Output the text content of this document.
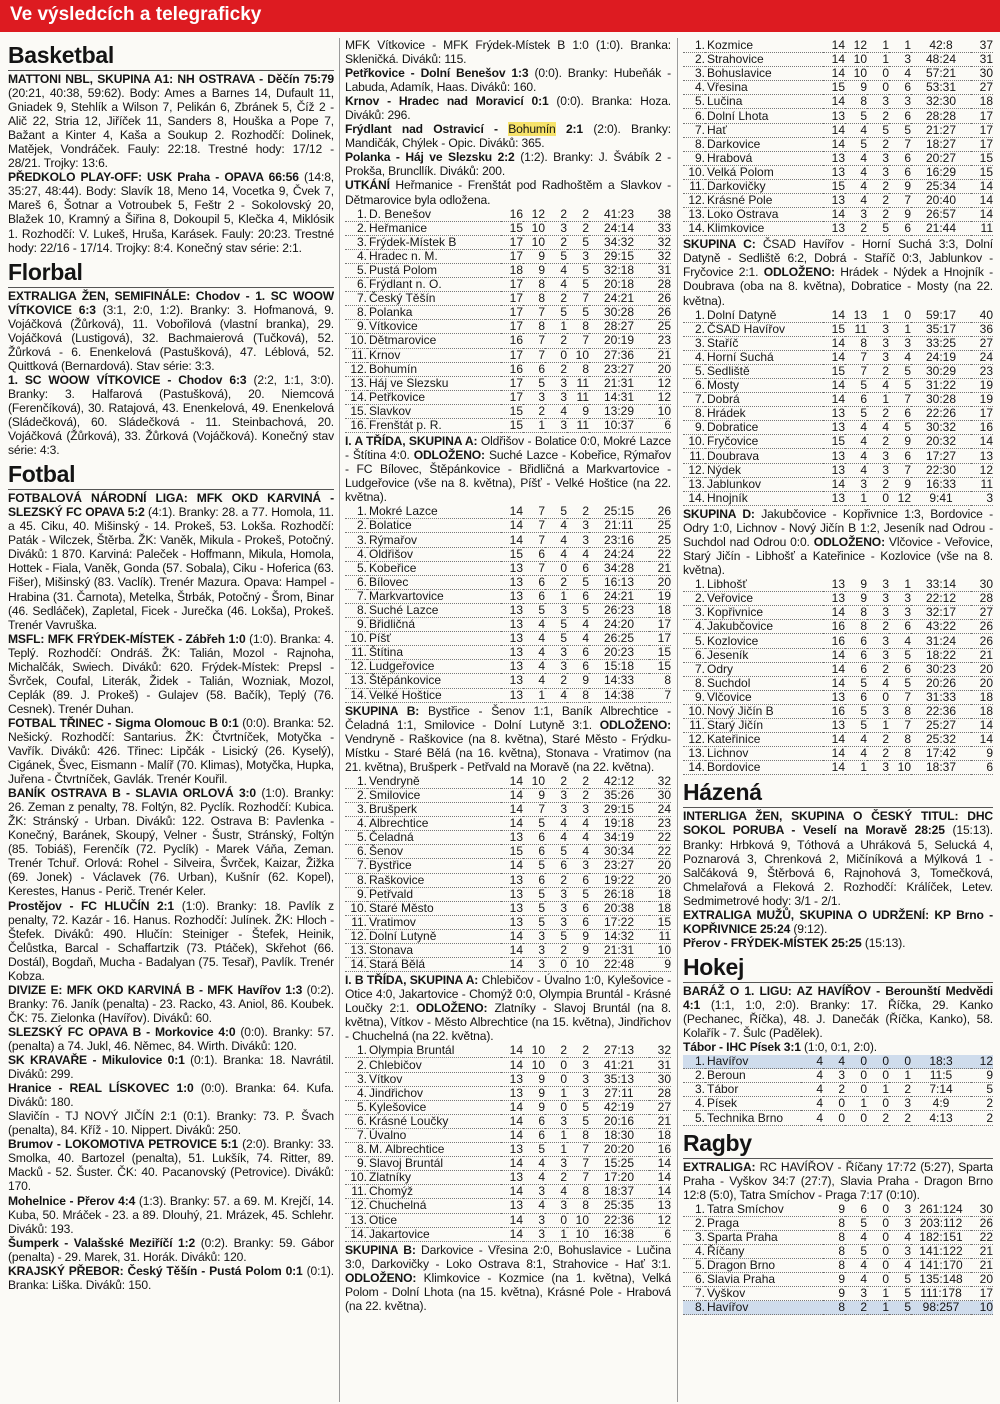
Ve výsledcích a telegraficky
Basketbal

MATTONI NBL, SKUPINA A1: NH OSTRAVA - Děčín 75:79 (20:21, 40:38, 59:62). Body: Ames a Barnes 14, Dufault 11, Gniadek 9, Stehlík a Wilson 7, Pelikán 6, Zbránek 5, Číž 2 - Alič 22, Stria 12, Jiříček 11, Sanders 8, Houška a Pope 7, Bažant a Kinter 4, Kaša a Soukup 2. Rozhodčí: Dolinek, Matějek, Vondráček. Fauly: 22:18. Trestné hody: 17/12 - 28/21. Trojky: 13:6.

PŘEDKOLO PLAY-OFF: USK Praha - OPAVA 66:56 (14:8, 35:27, 48:44). Body: Slavík 18, Meno 14, Vocetka 9, Čvek 7, Mareš 6, Šotnar a Votroubek 5, Feštr 2 - Sokolovský 20, Blažek 10, Kramný a Šiřina 8, Dokoupil 5, Klečka 4, Miklósik 1. Rozhodčí: V. Lukeš, Hruša, Karásek. Fauly: 20:23. Trestné hody: 22/16 - 17/14. Trojky: 8:4. Konečný stav série: 2:1.

Florbal

EXTRALIGA ŽEN, SEMIFINÁLE: Chodov - 1. SC WOOW VÍTKOVICE 6:3 (3:1, 2:0, 1:2). Branky: 3. Hofmanová, 9. Vojáčková (Žůrková), 11. Vobořilová (vlastní branka), 29. Vojáčková (Lustigová), 32. Bachmaierová (Tučková), 52. Žůrková - 6. Enenkelová (Pastušková), 47. Léblová, 52. Quittková (Bernardová). Stav série: 3:3.

1. SC WOOW VÍTKOVICE - Chodov 6:3 (2:2, 1:1, 3:0). Branky: 3. Halfarová (Pastušková), 20. Niemcová (Ferenčíková), 30. Ratajová, 43. Enenkelová, 49. Enenkelová (Sládečková), 60. Sládečková - 11. Steinbachová, 20. Vojáčková (Žůrková), 33. Žůrková (Vojáčková). Konečný stav série: 4:3.

Fotbal

FOTBALOVÁ NÁRODNÍ LIGA: MFK OKD KARVINÁ - SLEZSKÝ FC OPAVA 5:2 (4:1). Branky: 28. a 77. Homola, 11. a 45. Ciku, 40. Mišinský - 14. Prokeš, 53. Lokša. Rozhodčí: Paták - Wilczek, Štěrba. ŽK: Vaněk, Mikula - Prokeš, Potočný. Diváků: 1 870. Karviná: Paleček - Hoffmann, Mikula, Homola, Hottek - Fiala, Vaněk, Gonda (57. Sobala), Ciku - Hoferica (63. Fišer), Mišinský (83. Vaclík). Trenér Mazura. Opava: Hampel - Hrabina (31. Čarnota), Metelka, Štrbák, Potočný - Šrom, Binar (46. Sedláček), Zapletal, Ficek - Jurečka (46. Lokša), Prokeš. Trenér Vavruška.

MSFL: MFK FRÝDEK-MÍSTEK - Zábřeh 1:0 (1:0). Branka: 4. Teplý. Rozhodčí: Ondráš. ŽK: Talián, Mozol - Rajnoha, Michalčák, Swiech. Diváků: 620. Frýdek-Místek: Prepsl - Švrček, Coufal, Literák, Židek - Talián, Wozniak, Mozol, Ceplák (89. J. Prokeš) - Gulajev (58. Bačík), Teplý (76. Cesnek). Trenér Duhan.

FOTBAL TŘINEC - Sigma Olomouc B 0:1 (0:0). Branka: 52. Nešický. Rozhodčí: Santarius. ŽK: Čtvrtníček, Motyčka - Vavřík. Diváků: 426. Třinec: Lipčák - Lisický (26. Kyselý), Cigánek, Švec, Eismann - Malíř (70. Klimas), Motyčka, Hupka, Juřena - Čtvrtníček, Gavlák. Trenér Kouřil.

BANÍK OSTRAVA B - SLAVIA ORLOVÁ 3:0 (1:0). Branky: 26. Zeman z penalty, 78. Foltýn, 82. Pyclík. Rozhodčí: Kubica. ŽK: Stránský - Urban. Diváků: 122. Ostrava B: Pavlenka - Konečný, Baránek, Skoupý, Velner - Šustr, Stránský, Foltýn (85. Tobiáš), Ferenčík (72. Pyclík) - Marek Váňa, Zeman. Trenér Tchuř. Orlová: Rohel - Silveira, Švrček, Kaizar, Žižka (69. Jonek) - Václavek (76. Urban), Kušnír (62. Kopel), Kerestes, Hanus - Perič. Trenér Keler.

Prostějov - FC HLUČÍN 2:1 (1:0). Branky: 18. Pavlík z penalty, 72. Kazár - 16. Hanus. Rozhodčí: Julínek. ŽK: Hloch - Štefek. Diváků: 490. Hlučín: Steiniger - Štefek, Heinik, Čelůstka, Barcal - Schaffartzik (73. Ptáček), Skřehot (66. Dostál), Bogdaň, Mucha - Badalyan (75. Tesař), Pavlík. Trenér Kobza.

DIVIZE E: MFK OKD KARVINÁ B - MFK Havířov 1:3 (0:2). Branky: 76. Janík (penalta) - 23. Racko, 43. Aniol, 86. Koubek. ČK: 75. Zielonka (Havířov). Diváků: 60.

SLEZSKÝ FC OPAVA B - Morkovice 4:0 (0:0). Branky: 57. (penalta) a 74. Jukl, 46. Němec, 84. Wirth. Diváků: 120.

SK KRAVAŘE - Mikulovice 0:1 (0:1). Branka: 18. Navrátil. Diváků: 299.

Hranice - REAL LÍSKOVEC 1:0 (0:0). Branka: 64. Kufa. Diváků: 180.

Slavičín - TJ NOVÝ JIČÍN 2:1 (0:1). Branky: 73. P. Švach (penalta), 84. Kříž - 10. Nippert. Diváků: 250.

Brumov - LOKOMOTIVA PETROVICE 5:1 (2:0). Branky: 33. Smolka, 40. Bartozel (penalta), 51. Lukšík, 74. Ritter, 89. Macků - 52. Šuster. ČK: 40. Pacanovský (Petrovice). Diváků: 170.

Mohelnice - Přerov 4:4 (1:3). Branky: 57. a 69. M. Krejčí, 14. Kuba, 50. Mráček - 23. a 89. Dlouhý, 21. Mrázek, 45. Schlehr. Diváků: 193.

Šumperk - Valašské Meziříčí 1:2 (0:2). Branky: 59. Gábor (penalta) - 29. Marek, 31. Horák. Diváků: 120.

KRAJSKÝ PŘEBOR: Český Těšín - Pustá Polom 0:1 (0:1). Branka: Liška. Diváků: 150.

MFK Vítkovice - MFK Frýdek-Místek B 1:0 (1:0). Branka: Skleničká. Diváků: 115.

Petřkovice - Dolní Benešov 1:3 (0:0). Branky: Hubeňák - Labuda, Adamík, Haas. Diváků: 160.

Krnov - Hradec nad Moravicí 0:1 (0:0). Branka: Hoza. Diváků: 296.

Frýdlant nad Ostravicí - Bohumín 2:1 (2:0). Branky: Mandičák, Chýlek - Opic. Diváků: 365.

Polanka - Háj ve Slezsku 2:2 (1:2). Branky: J. Švábík 2 - Prokša, Bruncllík. Diváků: 200.

UTKÁNÍ Heřmanice - Frenštát pod Radhoštěm a Slavkov - Dětmarovice byla odložena.

1.	D. Benešov	16	12	2	2	41:23	38
2.	Heřmanice	15	10	3	2	24:14	33
3.	Frýdek-Místek B	17	10	2	5	34:32	32
4.	Hradec n. M.	17	9	5	3	29:15	32
5.	Pustá Polom	18	9	4	5	32:18	31
6.	Frýdlant n. O.	17	8	4	5	20:18	28
7.	Český Těšín	17	8	2	7	24:21	26
8.	Polanka	17	7	5	5	30:28	26
9.	Vítkovice	17	8	1	8	28:27	25
10.	Dětmarovice	16	7	2	7	20:19	23
11.	Krnov	17	7	0	10	27:36	21
12.	Bohumín	16	6	2	8	23:27	20
13.	Háj ve Slezsku	17	5	3	11	21:31	12
14.	Petřkovice	17	3	3	11	14:31	12
15.	Slavkov	15	2	4	9	13:29	10
16.	Frenštát p. R.	15	1	3	11	10:37	6

I. A TŘÍDA, SKUPINA A: Oldřišov - Bolatice 0:0, Mokré Lazce - Štítina 4:0. ODLOŽENO: Suché Lazce - Kobeřice, Rýmařov - FC Bílovec, Štěpánkovice - Břidličná a Markvartovice - Ludgeřovice (vše na 8. května), Píšť - Velké Hoštice (na 22. května).

1.	Mokré Lazce	14	7	5	2	25:15	26
2.	Bolatice	14	7	4	3	21:11	25
3.	Rýmařov	14	7	4	3	23:16	25
4.	Oldřišov	15	6	4	4	24:24	22
5.	Kobeřice	13	7	0	6	34:28	21
6.	Bílovec	13	6	2	5	16:13	20
7.	Markvartovice	13	6	1	6	24:21	19
8.	Suché Lazce	13	5	3	5	26:23	18
9.	Břidličná	13	4	5	4	24:20	17
10.	Píšť	13	4	5	4	26:25	17
11.	Štítina	13	4	3	6	20:23	15
12.	Ludgeřovice	13	4	3	6	15:18	15
13.	Štěpánkovice	13	4	2	9	14:33	8
14.	Velké Hoštice	13	1	4	8	14:38	7

SKUPINA B: Bystřice - Šenov 1:1, Baník Albrechtice - Čeladná 1:1, Smilovice - Dolní Lutyně 3:1. ODLOŽENO: Vendryně - Raškovice (na 8. května), Staré Město - Frýdku-Místku - Staré Bělá (na 16. května), Stonava - Vratimov (na 21. května), Brušperk - Petřvald na Moravě (na 22. května).

1.	Vendryně	14	10	2	2	42:12	32
2.	Smilovice	14	9	3	2	35:26	30
3.	Brušperk	14	7	3	3	29:15	24
4.	Albrechtice	14	5	4	4	19:18	23
5.	Čeladná	13	6	4	4	34:19	22
6.	Šenov	15	6	5	4	30:34	22
7.	Bystřice	14	5	6	3	23:27	20
8.	Raškovice	13	6	2	6	19:22	20
9.	Petřvald	13	5	3	5	26:18	18
10.	Staré Město	13	5	3	6	20:38	18
11.	Vratimov	13	5	3	6	17:22	15
12.	Dolní Lutyně	14	3	5	9	14:32	11
13.	Stonava	14	3	2	9	21:31	10
14.	Stará Bělá	14	3	0	10	22:48	9

I. B TŘÍDA, SKUPINA A: Chlebičov - Úvalno 1:0, Kylešovice - Otice 4:0, Jakartovice - Chomýž 0:0, Olympia Bruntál - Krásné Loučky 2:1. ODLOŽENO: Zlatníky - Slavoj Bruntál (na 8. května), Vítkov - Město Albrechtice (na 15. května), Jindřichov - Chuchelná (na 22. května).

1.	Olympia Bruntál	14	10	2	2	27:13	32
2.	Chlebičov	14	10	0	3	41:21	31
3.	Vítkov	13	9	0	3	35:13	30
4.	Jindřichov	13	9	1	3	27:11	28
5.	Kylešovice	14	9	0	5	42:19	27
6.	Krásné Loučky	14	6	3	5	20:16	21
7.	Úvalno	14	6	1	8	18:30	18
8.	M. Albrechtice	13	5	1	7	20:20	16
9.	Slavoj Bruntál	14	4	3	7	15:25	14
10.	Zlatníky	13	4	2	7	17:20	14
11.	Chomýž	14	3	4	8	18:37	14
12.	Chuchelná	13	4	3	8	25:35	13
13.	Otice	14	3	0	10	22:36	12
14.	Jakartovice	14	3	1	10	16:38	6

SKUPINA B: Darkovice - Vřesina 2:0, Bohuslavice - Lučina 3:0, Darkovičky - Loko Ostrava 8:1, Strahovice - Hať 3:1. ODLOŽENO: Klimkovice - Kozmice (na 1. května), Velká Polom - Dolní Lhota (na 15. května), Krásné Pole - Hrabová (na 22. května).

1.	Kozmice	14	12	1	1	42:8	37
2.	Strahovice	14	10	1	3	48:24	31
3.	Bohuslavice	14	10	0	4	57:21	30
4.	Vřesina	15	9	0	6	53:31	27
5.	Lučina	14	8	3	3	32:30	18
6.	Dolní Lhota	13	5	2	6	28:28	17
7.	Hať	14	4	5	5	21:27	17
8.	Darkovice	14	5	2	7	18:27	17
9.	Hrabová	13	4	3	6	20:27	15
10.	Velká Polom	13	4	3	6	16:29	15
11.	Darkovičky	15	4	2	9	25:34	14
12.	Krásné Pole	13	4	2	7	20:40	14
13.	Loko Ostrava	14	3	2	9	26:57	14
14.	Klimkovice	13	2	5	6	21:44	11

SKUPINA C: ČSAD Havířov - Horní Suchá 3:3, Dolní Datyně - Sedliště 6:2, Dobrá - Staříč 0:3, Jablunkov - Fryčovice 2:1. ODLOŽENO: Hrádek - Nýdek a Hnojník - Doubrava (oba na 8. května), Dobratice - Mosty (na 22. května).

1.	Dolní Datyně	14	13	1	0	59:17	40
2.	ČSAD Havířov	15	11	3	1	35:17	36
3.	Staříč	14	8	3	3	33:25	27
4.	Horní Suchá	14	7	3	4	24:19	24
5.	Sedliště	15	7	2	5	30:29	23
6.	Mosty	14	5	4	5	31:22	19
7.	Dobrá	14	6	1	7	30:28	19
8.	Hrádek	13	5	2	6	22:26	17
9.	Dobratice	13	4	4	5	30:32	16
10.	Fryčovice	15	4	2	9	20:32	14
11.	Doubrava	13	4	3	6	17:27	13
12.	Nýdek	13	4	3	7	22:30	12
13.	Jablunkov	14	3	2	9	16:33	11
14.	Hnojník	13	1	0	12	9:41	3

SKUPINA D: Jakubčovice - Kopřivnice 1:3, Bordovice - Odry 1:0, Lichnov - Nový Jičín B 1:2, Jeseník nad Odrou - Suchdol nad Odrou 0:0. ODLOŽENO: Vlčovice - Veřovice, Starý Jičín - Libhošť a Kateřinice - Kozlovice (vše na 8. května).

1.	Libhošť	13	9	3	1	33:14	30
2.	Veřovice	13	9	3	3	22:12	28
3.	Kopřivnice	14	8	3	3	32:17	27
4.	Jakubčovice	16	8	2	6	43:22	26
5.	Kozlovice	16	6	3	4	31:24	26
6.	Jeseník	14	6	3	5	18:22	21
7.	Odry	14	6	2	6	30:23	20
8.	Suchdol	14	5	4	5	20:26	20
9.	Vlčovice	13	6	0	7	31:33	18
10.	Nový Jičín B	16	5	3	8	22:36	18
11.	Starý Jičín	13	5	1	7	25:27	14
12.	Kateřinice	14	4	2	8	25:32	14
13.	Lichnov	14	4	2	8	17:42	9
14.	Bordovice	14	1	3	10	18:37	6
Házená

INTERLIGA ŽEN, SKUPINA O ČESKÝ TITUL: DHC SOKOL PORUBA - Veselí na Moravě 28:25 (15:13). Branky: Hrbková 9, Tóthová a Uhráková 5, Selucká 4, Poznarová 3, Chrenková 2, Mičíníková a Mýlková 1 - Salčáková 9, Štěrbová 6, Rajnohová 3, Tomečková, Chmelařová a Fleková 2. Rozhodčí: Králíček, Letev. Sedmimetrové hody: 3/1 - 2/1.

EXTRALIGA MUŽŮ, SKUPINA O UDRŽENÍ: KP Brno - KOPŘIVNICE 25:24 (9:12).

Přerov - FRÝDEK-MÍSTEK 25:25 (15:13).

Hokej

BARÁŽ O 1. LIGU: AZ HAVÍŘOV - Berounští Medvědi 4:1 (1:1, 1:0, 2:0). Branky: 17. Říčka, 29. Kanko (Pechanec, Říčka), 48. J. Danečák (Říčka, Kanko), 58. Kolařík - 7. Šulc (Padělek).

Tábor - IHC Písek 3:1 (1:0, 0:1, 2:0).

1.	Havířov	4	4	0	0	0	18:3	12
2.	Beroun	4	3	0	0	1	11:5	9
3.	Tábor	4	2	0	1	2	7:14	5
4.	Písek	4	0	1	0	3	4:9	2
5.	Technika Brno	4	0	0	2	2	4:13	2
Ragby

EXTRALIGA: RC HAVÍŘOV - Říčany 17:72 (5:27), Sparta Praha - Vyškov 34:7 (27:7), Slavia Praha - Dragon Brno 12:8 (5:0), Tatra Smíchov - Praga 7:17 (0:10).

1.	Tatra Smíchov	9	6	0	3	261:124	30
2.	Praga	8	5	0	3	203:112	26
3.	Sparta Praha	8	4	0	4	182:151	22
4.	Říčany	8	5	0	3	141:122	21
5.	Dragon Brno	8	4	0	4	141:170	21
6.	Slavia Praha	9	4	0	5	135:148	20
7.	Vyškov	9	3	1	5	111:178	17
8.	Havířov	8	2	1	5	98:257	10
